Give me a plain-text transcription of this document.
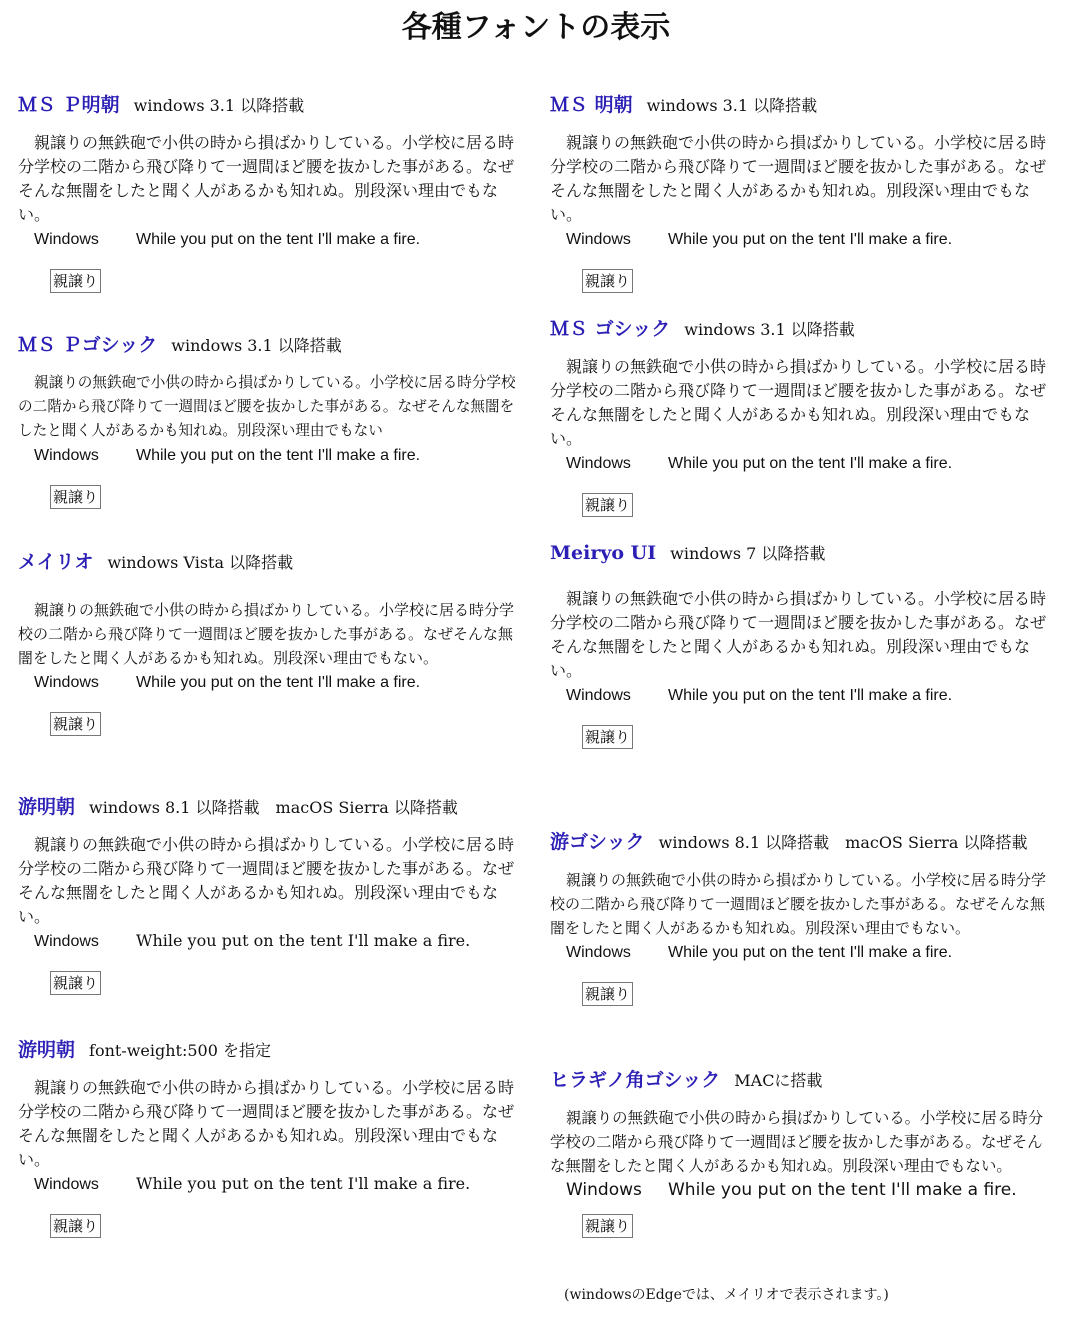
各種フォントの表示
ＭＳ Ｐ明朝 windows 3.1 以降搭載
親譲りの無鉄砲で小供の時から損ばかりしている。小学校に居る時分学校の二階から飛び降りて一週間ほど腰を抜かした事がある。なぜそんな無闇をしたと聞く人があるかも知れぬ。別段深い理由でもない。
Windows While you put on the tent I'll make a fire.
親譲り
ＭＳ Ｐゴシック windows 3.1 以降搭載
親譲りの無鉄砲で小供の時から損ばかりしている。小学校に居る時分学校の二階から飛び降りて一週間ほど腰を抜かした事がある。なぜそんな無闇をしたと聞く人があるかも知れぬ。別段深い理由でもない
Windows While you put on the tent I'll make a fire.
親譲り
メイリオ windows Vista 以降搭載
親譲りの無鉄砲で小供の時から損ばかりしている。小学校に居る時分学校の二階から飛び降りて一週間ほど腰を抜かした事がある。なぜそんな無闇をしたと聞く人があるかも知れぬ。別段深い理由でもない。
Windows While you put on the tent I'll make a fire.
親譲り
游明朝 windows 8.1 以降搭載　macOS Sierra 以降搭載
親譲りの無鉄砲で小供の時から損ばかりしている。小学校に居る時分学校の二階から飛び降りて一週間ほど腰を抜かした事がある。なぜそんな無闇をしたと聞く人があるかも知れぬ。別段深い理由でもない。
Windows While you put on the tent I'll make a fire.
親譲り
游明朝 font-weight:500 を指定
親譲りの無鉄砲で小供の時から損ばかりしている。小学校に居る時分学校の二階から飛び降りて一週間ほど腰を抜かした事がある。なぜそんな無闇をしたと聞く人があるかも知れぬ。別段深い理由でもない。
Windows While you put on the tent I'll make a fire.
親譲り
ＭＳ 明朝 windows 3.1 以降搭載
親譲りの無鉄砲で小供の時から損ばかりしている。小学校に居る時分学校の二階から飛び降りて一週間ほど腰を抜かした事がある。なぜそんな無闇をしたと聞く人があるかも知れぬ。別段深い理由でもない。
Windows While you put on the tent I'll make a fire.
親譲り
ＭＳ ゴシック windows 3.1 以降搭載
親譲りの無鉄砲で小供の時から損ばかりしている。小学校に居る時分学校の二階から飛び降りて一週間ほど腰を抜かした事がある。なぜそんな無闇をしたと聞く人があるかも知れぬ。別段深い理由でもない。
Windows While you put on the tent I'll make a fire.
親譲り
Meiryo UI windows 7 以降搭載
親譲りの無鉄砲で小供の時から損ばかりしている。小学校に居る時分学校の二階から飛び降りて一週間ほど腰を抜かした事がある。なぜそんな無闇をしたと聞く人があるかも知れぬ。別段深い理由でもない。
Windows While you put on the tent I'll make a fire.
親譲り
游ゴシック windows 8.1 以降搭載　macOS Sierra 以降搭載
親譲りの無鉄砲で小供の時から損ばかりしている。小学校に居る時分学校の二階から飛び降りて一週間ほど腰を抜かした事がある。なぜそんな無闇をしたと聞く人があるかも知れぬ。別段深い理由でもない。
Windows While you put on the tent I'll make a fire.
親譲り
ヒラギノ角ゴシック MACに搭載
親譲りの無鉄砲で小供の時から損ばかりしている。小学校に居る時分学校の二階から飛び降りて一週間ほど腰を抜かした事がある。なぜそんな無闇をしたと聞く人があるかも知れぬ。別段深い理由でもない。
Windows While you put on the tent I'll make a fire.
親譲り
(windowsのEdgeでは、メイリオで表示されます。)
